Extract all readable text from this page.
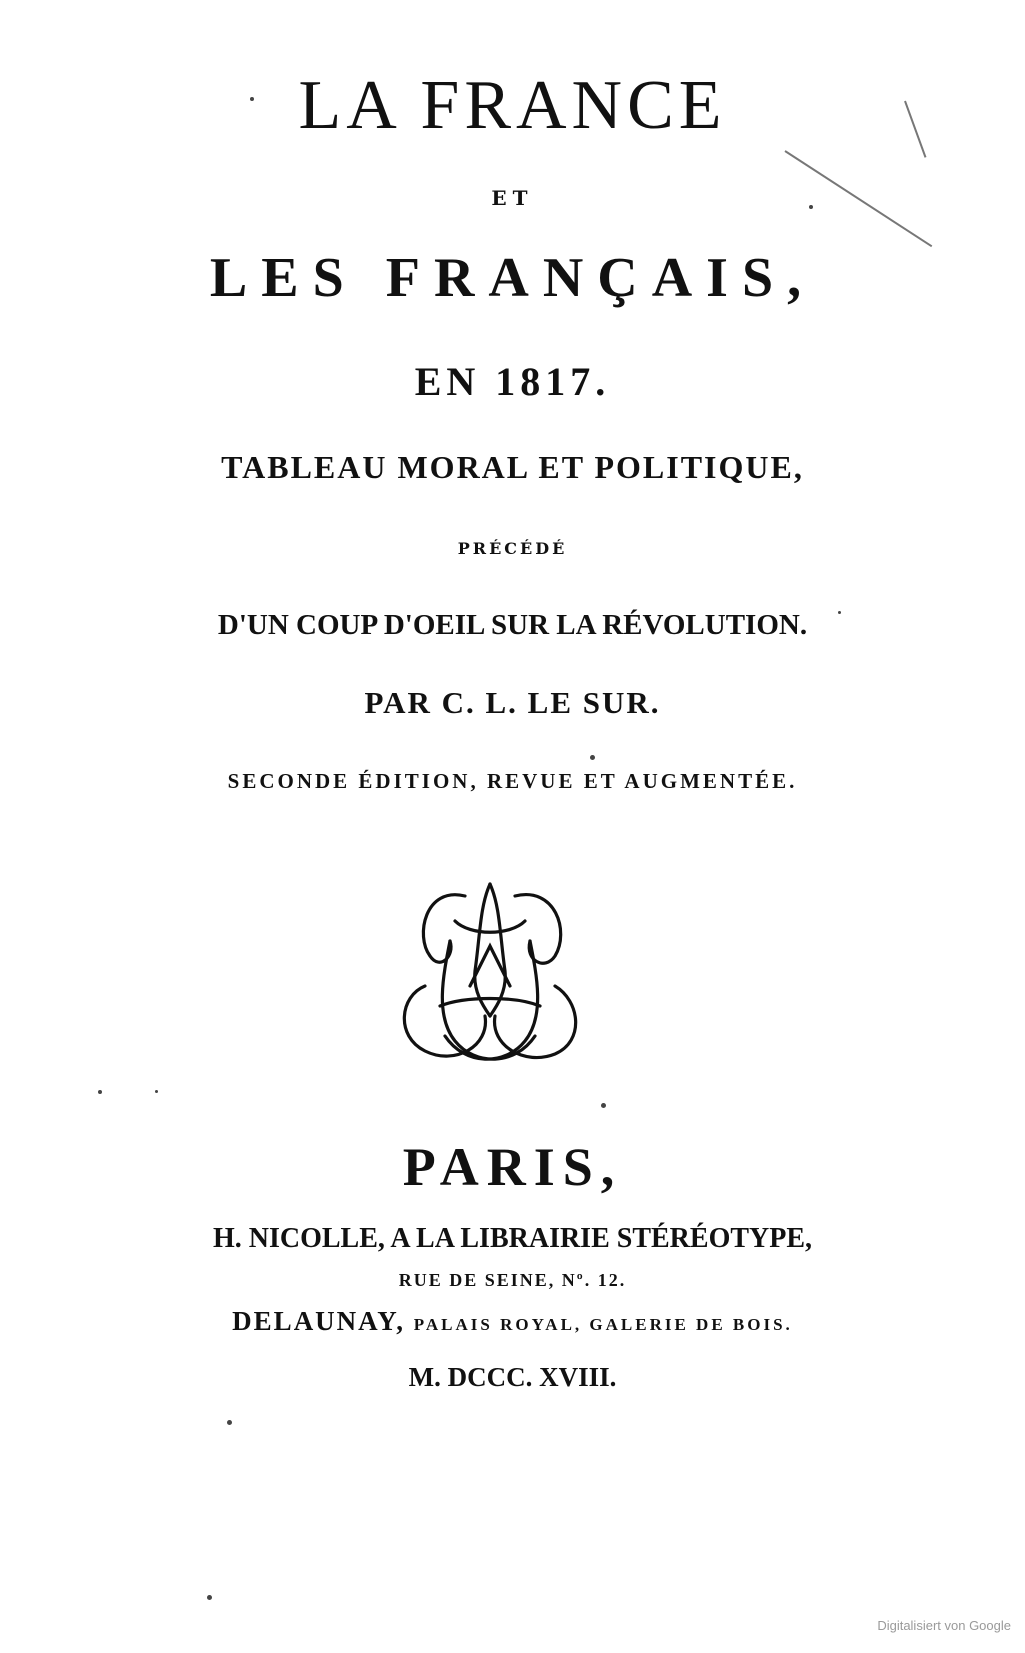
LA FRANCE
ET
LES FRANÇAIS,
EN 1817.
TABLEAU MORAL ET POLITIQUE,
PRÉCÉDÉ
D'UN COUP D'OEIL SUR LA RÉVOLUTION.
PAR C. L. LE SUR.
SECONDE ÉDITION, REVUE ET AUGMENTÉE.
PARIS,
H. NICOLLE, A LA LIBRAIRIE STÉRÉOTYPE,
RUE DE SEINE, Nº. 12.
DELAUNAY, PALAIS ROYAL, GALERIE DE BOIS.
M. DCCC. XVIII.
Digitalisiert von Google
